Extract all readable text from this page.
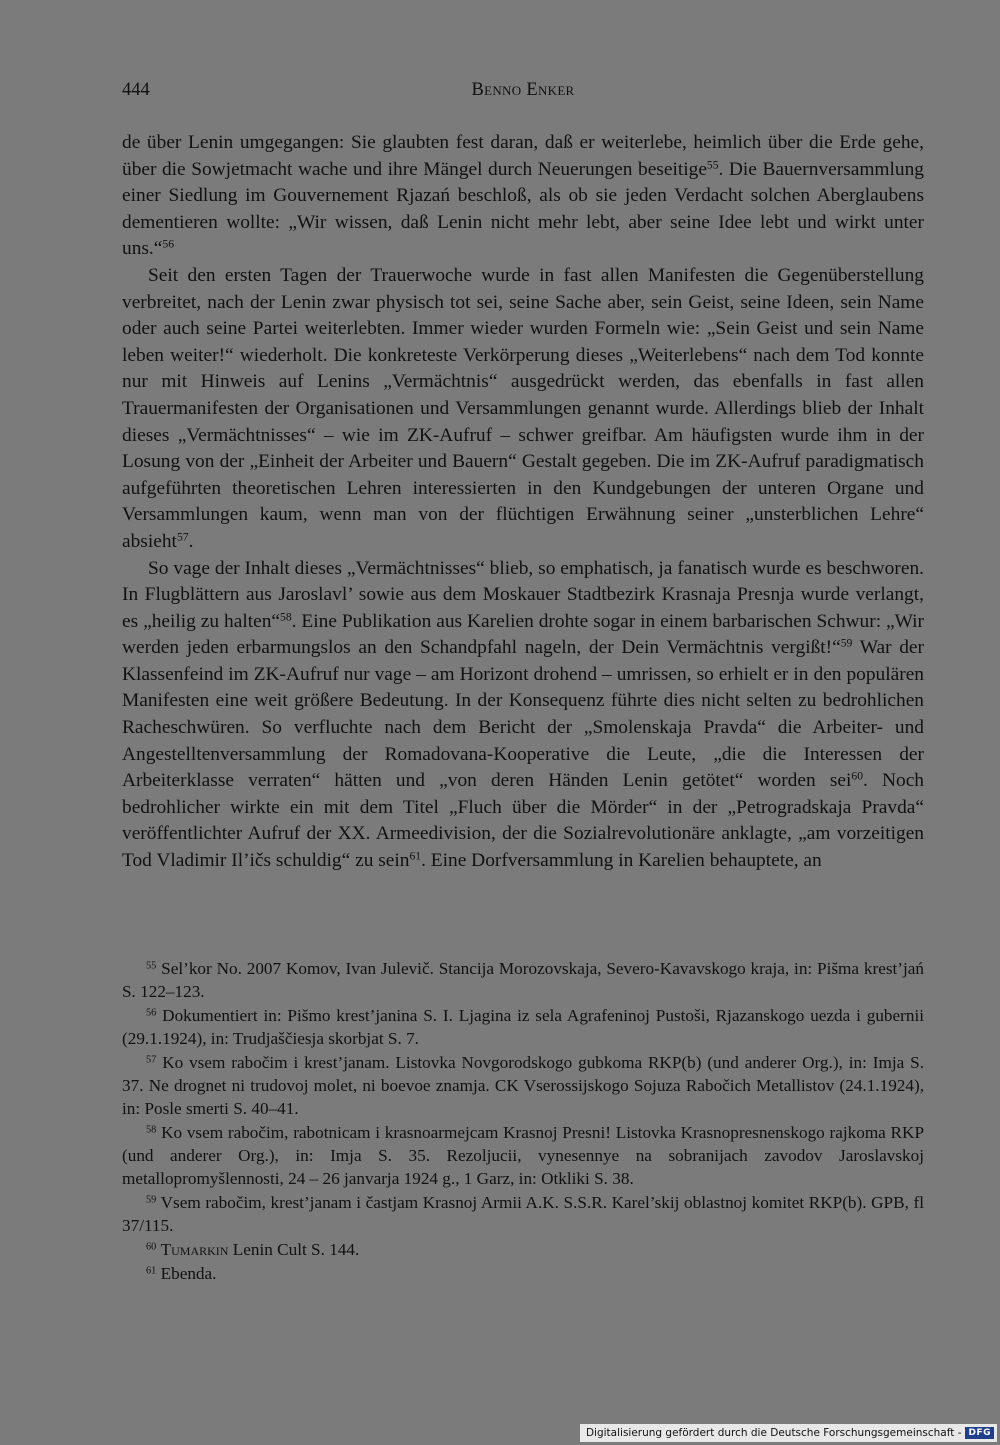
444	Benno Enker

de über Lenin umgegangen: Sie glaubten fest daran, daß er weiterlebe, heimlich über die Erde gehe, über die Sowjetmacht wache und ihre Mängel durch Neuerungen beseitige$^{55}$. Die Bauernversammlung einer Siedlung im Gouvernement Rjazań beschloß, als ob sie jeden Verdacht solchen Aberglaubens dementieren wollte: „Wir wissen, daß Lenin nicht mehr lebt, aber seine Idee lebt und wirkt unter uns.“$^{56}$

Seit den ersten Tagen der Trauerwoche wurde in fast allen Manifesten die Gegenüberstellung verbreitet, nach der Lenin zwar physisch tot sei, seine Sache aber, sein Geist, seine Ideen, sein Name oder auch seine Partei weiterlebten. Immer wieder wurden Formeln wie: „Sein Geist und sein Name leben weiter!“ wiederholt. Die konkreteste Verkörperung dieses „Weiterlebens“ nach dem Tod konnte nur mit Hinweis auf Lenins „Vermächtnis“ ausgedrückt werden, das ebenfalls in fast allen Trauermanifesten der Organisationen und Versammlungen genannt wurde. Allerdings blieb der Inhalt dieses „Vermächtnisses“ – wie im ZK-Aufruf – schwer greifbar. Am häufigsten wurde ihm in der Losung von der „Einheit der Arbeiter und Bauern“ Gestalt gegeben. Die im ZK-Aufruf paradigmatisch aufgeführten theoretischen Lehren interessierten in den Kundgebungen der unteren Organe und Versammlungen kaum, wenn man von der flüchtigen Erwähnung seiner „unsterblichen Lehre“ absieht$^{57}$.

So vage der Inhalt dieses „Vermächtnisses“ blieb, so emphatisch, ja fanatisch wurde es beschworen. In Flugblättern aus Jaroslavl’ sowie aus dem Moskauer Stadtbezirk Krasnaja Presnja wurde verlangt, es „heilig zu halten“$^{58}$. Eine Publikation aus Karelien drohte sogar in einem barbarischen Schwur: „Wir werden jeden erbarmungslos an den Schandpfahl nageln, der Dein Vermächtnis vergißt!“$^{59}$ War der Klassenfeind im ZK-Aufruf nur vage – am Horizont drohend – umrissen, so erhielt er in den populären Manifesten eine weit größere Bedeutung. In der Konsequenz führte dies nicht selten zu bedrohlichen Racheschwüren. So verfluchte nach dem Bericht der „Smolenskaja Pravda“ die Arbeiter- und Angestelltenversammlung der Romadovana-Kooperative die Leute, „die die Interessen der Arbeiterklasse verraten“ hätten und „von deren Händen Lenin getötet“ worden sei$^{60}$. Noch bedrohlicher wirkte ein mit dem Titel „Fluch über die Mörder“ in der „Petrogradskaja Pravda“ veröffentlichter Aufruf der XX. Armeedivision, der die Sozialrevolutionäre anklagte, „am vorzeitigen Tod Vladimir Il’ičs schuldig“ zu sein$^{61}$. Eine Dorfversammlung in Karelien behauptete, an

$^{55}$ Sel’kor No. 2007 Komov, Ivan Julevič. Stancija Morozovskaja, Severo-Kavavskogo kraja, in: Pis̆ma krest’jań S. 122–123.

$^{56}$ Dokumentiert in: Pis̆mo krest’janina S. I. Ljagina iz sela Agrafeninoj Pustoši, Rjazanskogo uezda i gubernii (29.1.1924), in: Trudjaščiesja skorbjat S. 7.

$^{57}$ Ko vsem rabočim i krest’janam. Listovka Novgorodskogo gubkoma RKP(b) (und anderer Org.), in: Imja S. 37. Ne drognet ni trudovoj molet, ni boevoe znamja. CK Vserossijskogo Sojuza Rabočich Metallistov (24.1.1924), in: Posle smerti S. 40–41.

$^{58}$ Ko vsem rabočim, rabotnicam i krasnoarmejcam Krasnoj Presni! Listovka Krasnopresnenskogo rajkoma RKP (und anderer Org.), in: Imja S. 35. Rezoljucii, vynesennye na sobranijach zavodov Jaroslavskoj metallopromyšlennosti, 24 – 26 janvarja 1924 g., 1 Garz, in: Otkliki S. 38.

$^{59}$ Vsem rabočim, krest’janam i častjam Krasnoj Armii A.K. S.S.R. Karel’skij oblastnoj komitet RKP(b). GPB, fl 37/115.

$^{60}$ Tumarkin Lenin Cult S. 144.

$^{61}$ Ebenda.

Digitalisierung gefördert durch die Deutsche Forschungsgemeinschaft - DFG
